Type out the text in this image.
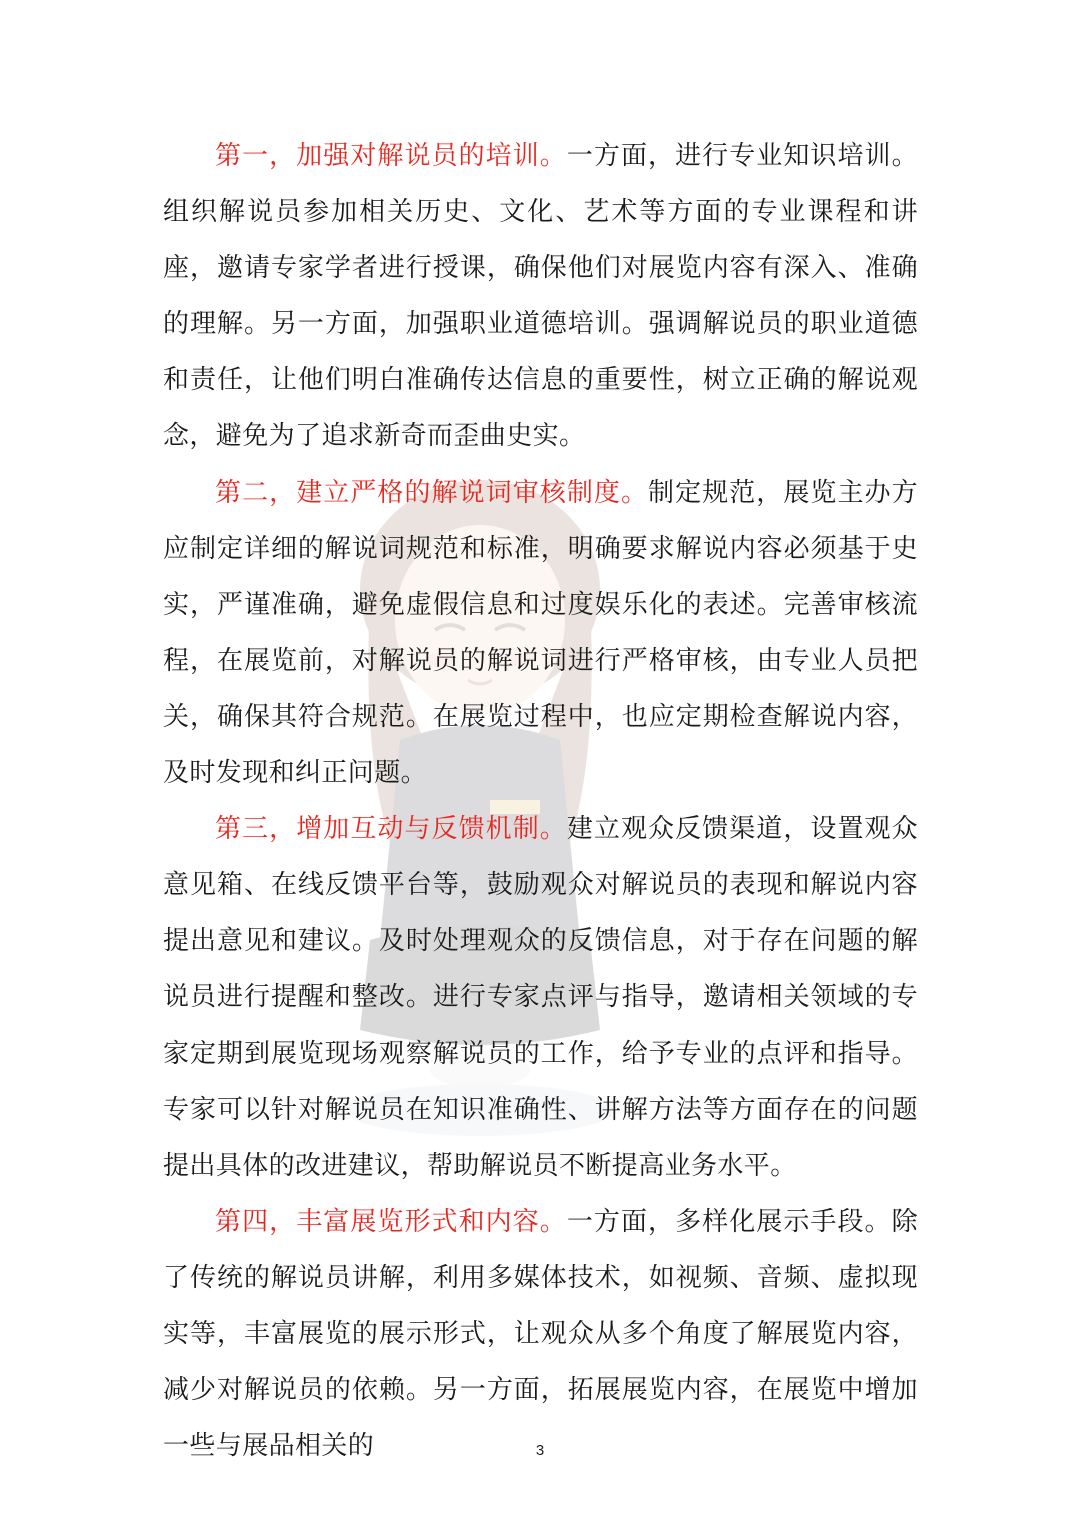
第一，加强对解说员的培训。一方面，进行专业知识培训。组织解说员参加相关历史、文化、艺术等方面的专业课程和讲座，邀请专家学者进行授课，确保他们对展览内容有深入、准确的理解。另一方面，加强职业道德培训。强调解说员的职业道德和责任，让他们明白准确传达信息的重要性，树立正确的解说观念，避免为了追求新奇而歪曲史实。

第二，建立严格的解说词审核制度。制定规范，展览主办方应制定详细的解说词规范和标准，明确要求解说内容必须基于史实，严谨准确，避免虚假信息和过度娱乐化的表述。完善审核流程，在展览前，对解说员的解说词进行严格审核，由专业人员把关，确保其符合规范。在展览过程中，也应定期检查解说内容，及时发现和纠正问题。

第三，增加互动与反馈机制。建立观众反馈渠道，设置观众意见箱、在线反馈平台等，鼓励观众对解说员的表现和解说内容提出意见和建议。及时处理观众的反馈信息，对于存在问题的解说员进行提醒和整改。进行专家点评与指导，邀请相关领域的专家定期到展览现场观察解说员的工作，给予专业的点评和指导。专家可以针对解说员在知识准确性、讲解方法等方面存在的问题提出具体的改进建议，帮助解说员不断提高业务水平。

第四，丰富展览形式和内容。一方面，多样化展示手段。除了传统的解说员讲解，利用多媒体技术，如视频、音频、虚拟现实等，丰富展览的展示形式，让观众从多个角度了解展览内容，减少对解说员的依赖。另一方面，拓展展览内容，在展览中增加一些与展品相关的	3
